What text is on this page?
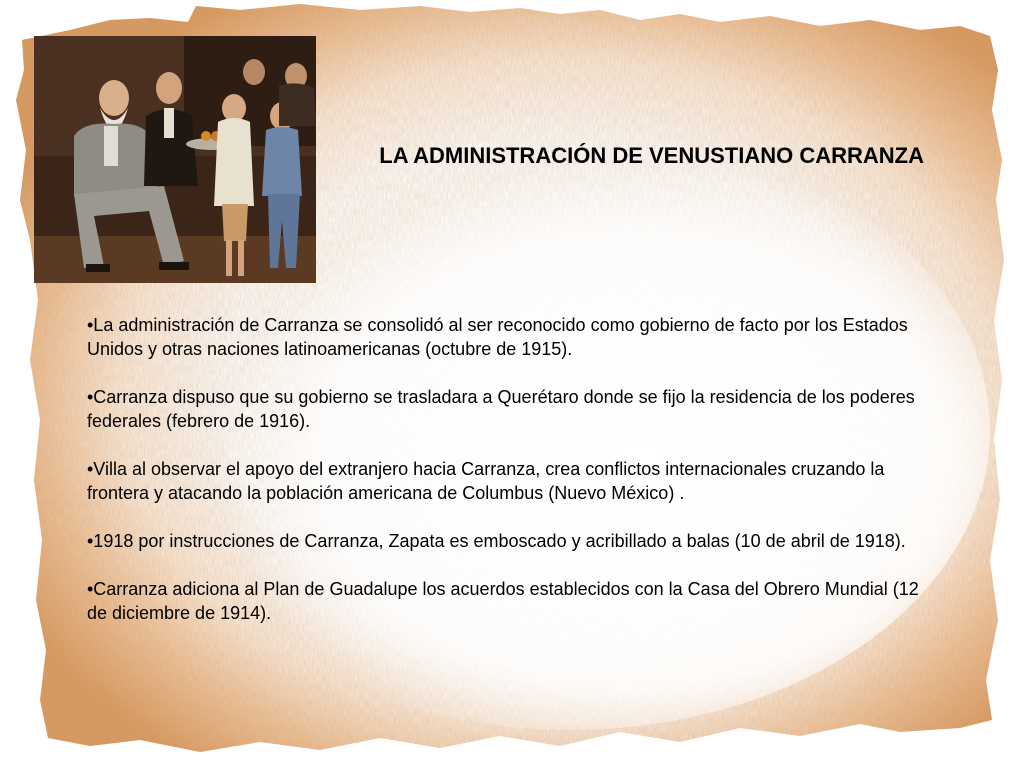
LA ADMINISTRACIÓN DE VENUSTIANO CARRANZA

•La administración de Carranza se consolidó al ser reconocido como gobierno de facto por los Estados Unidos y otras naciones latinoamericanas (octubre de 1915).

•Carranza dispuso que su gobierno se trasladara a Querétaro donde se fijo la residencia de los poderes federales (febrero de 1916).

•Villa al observar el apoyo del extranjero hacia Carranza, crea conflictos internacionales cruzando la frontera y atacando la población americana de Columbus (Nuevo México) .

•1918 por instrucciones de Carranza, Zapata es emboscado y acribillado a balas (10 de abril de 1918).

•Carranza adiciona al Plan de Guadalupe los acuerdos establecidos con la Casa del Obrero Mundial (12 de diciembre de 1914).
